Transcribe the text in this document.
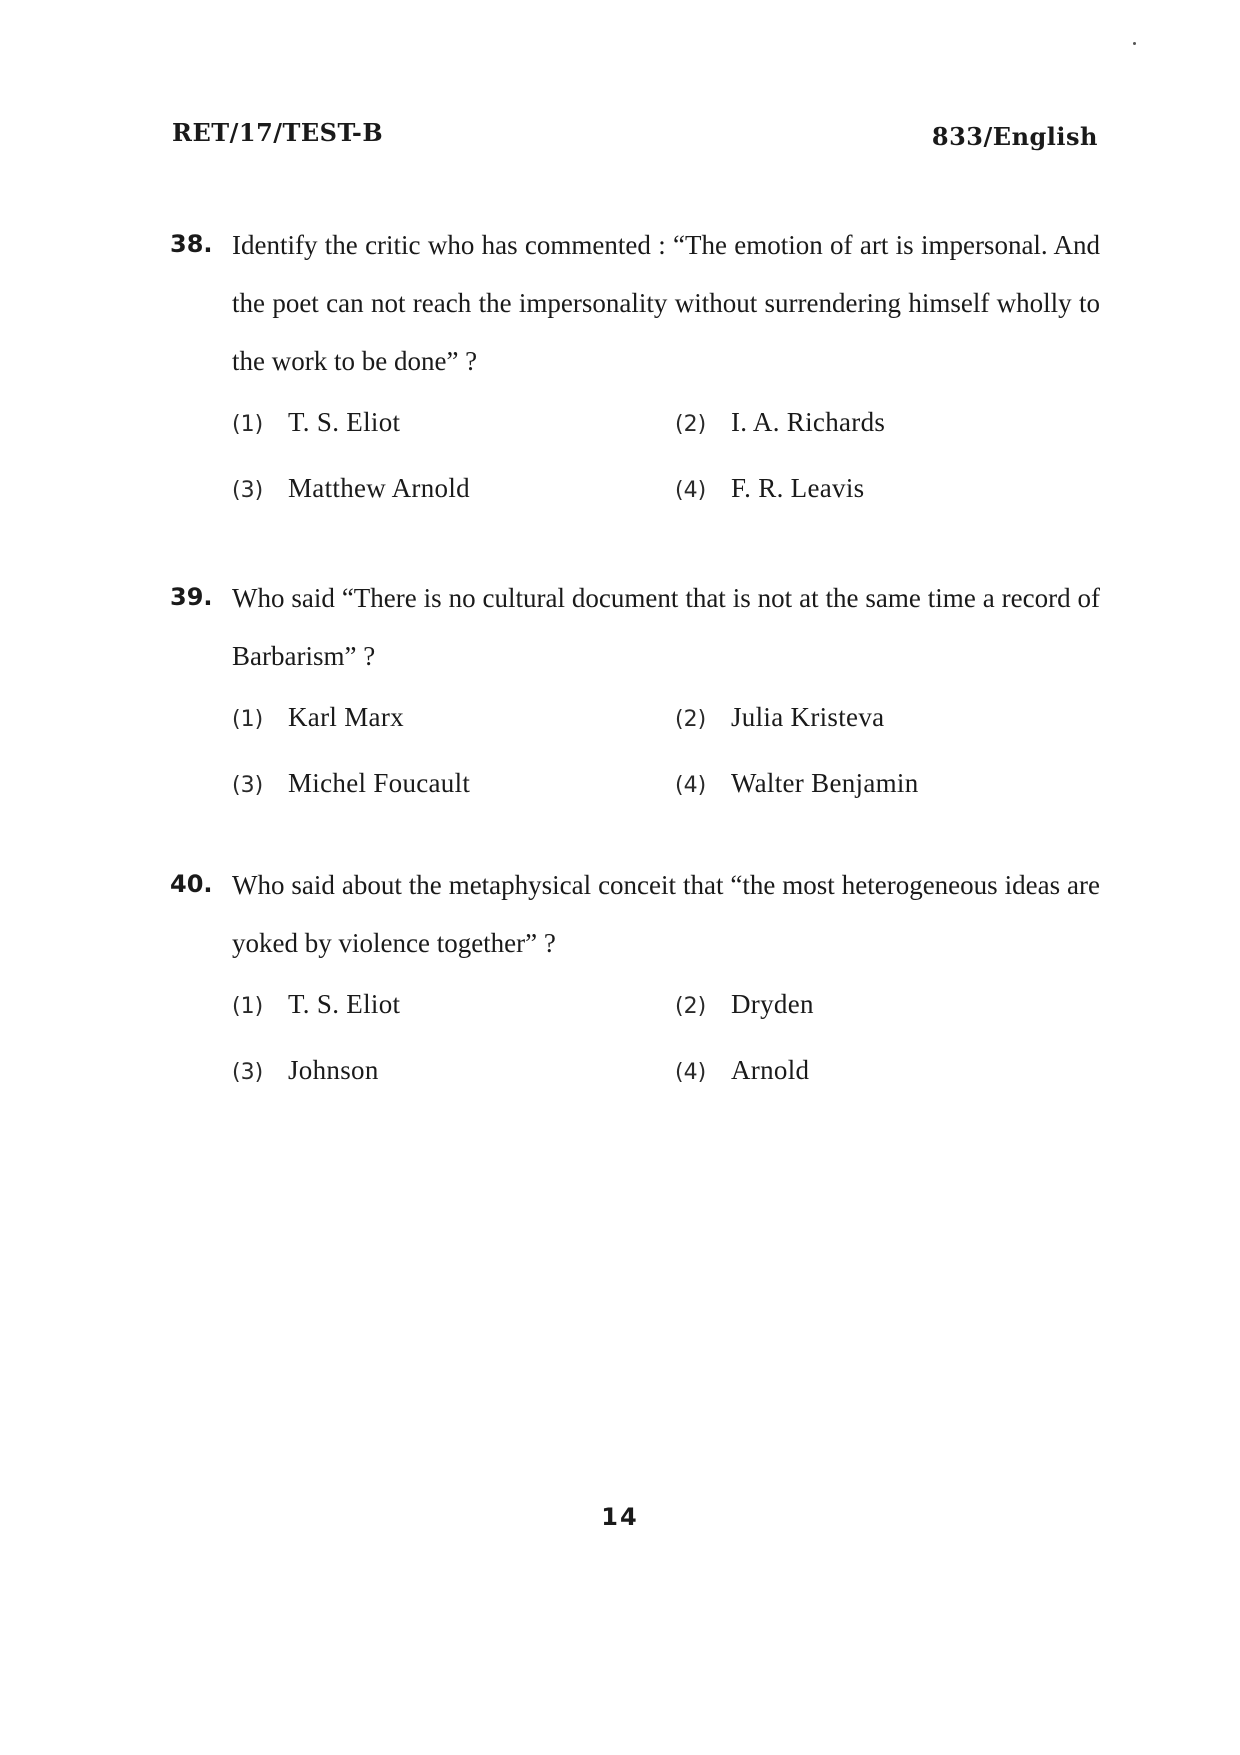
RET/17/TEST-B	833/English
38. Identify the critic who has commented : “The emotion of art is impersonal. And the poet can not reach the impersonality without surrendering himself wholly to the work to be done” ?
(1) T. S. Eliot	(2) I. A. Richards
(3) Matthew Arnold	(4) F. R. Leavis
39. Who said “There is no cultural document that is not at the same time a record of Barbarism” ?
(1) Karl Marx	(2) Julia Kristeva
(3) Michel Foucault	(4) Walter Benjamin
40. Who said about the metaphysical conceit that “the most heterogeneous ideas are yoked by violence together” ?
(1) T. S. Eliot	(2) Dryden
(3) Johnson	(4) Arnold
14
